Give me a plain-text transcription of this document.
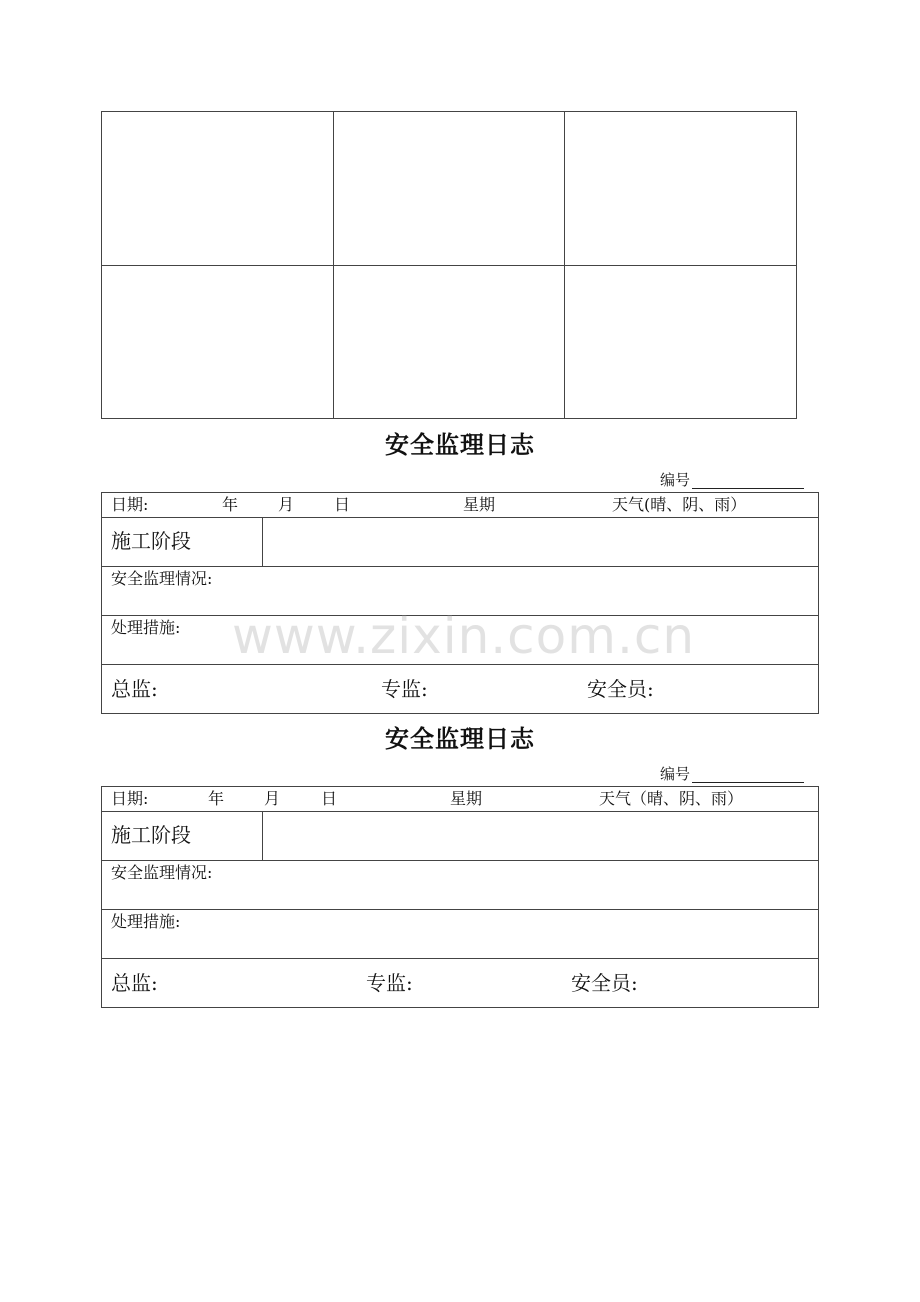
安全监理日志
编号
日期:	年 月 日	星期	天气(晴、阴、雨）
施工阶段
安全监理情况:
处理措施:
总监:	专监:	安全员:
安全监理日志
编号
日期:	年 月	日	星期	天气（晴、阴、雨）
施工阶段
安全监理情况:
处理措施:
总监:	专监:	安全员:
www.zixin.com.cn
